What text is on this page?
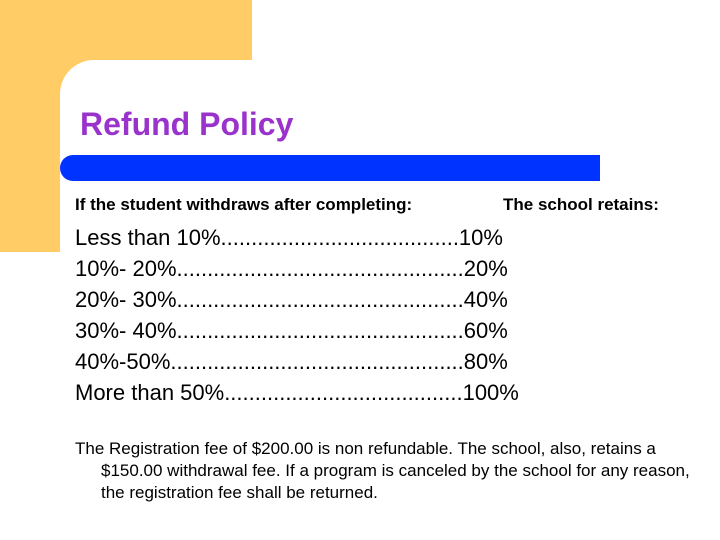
Refund Policy
If the student withdraws after completing:	The school retains:
Less than 10%.......................................10%
10%- 20%...............................................20%
20%- 30%...............................................40%
30%- 40%...............................................60%
40%-50%................................................80%
More than 50%.......................................100%
The Registration fee of $200.00 is non refundable. The school, also, retains a $150.00 withdrawal fee. If a program is canceled by the school for any reason, the registration fee shall be returned.
